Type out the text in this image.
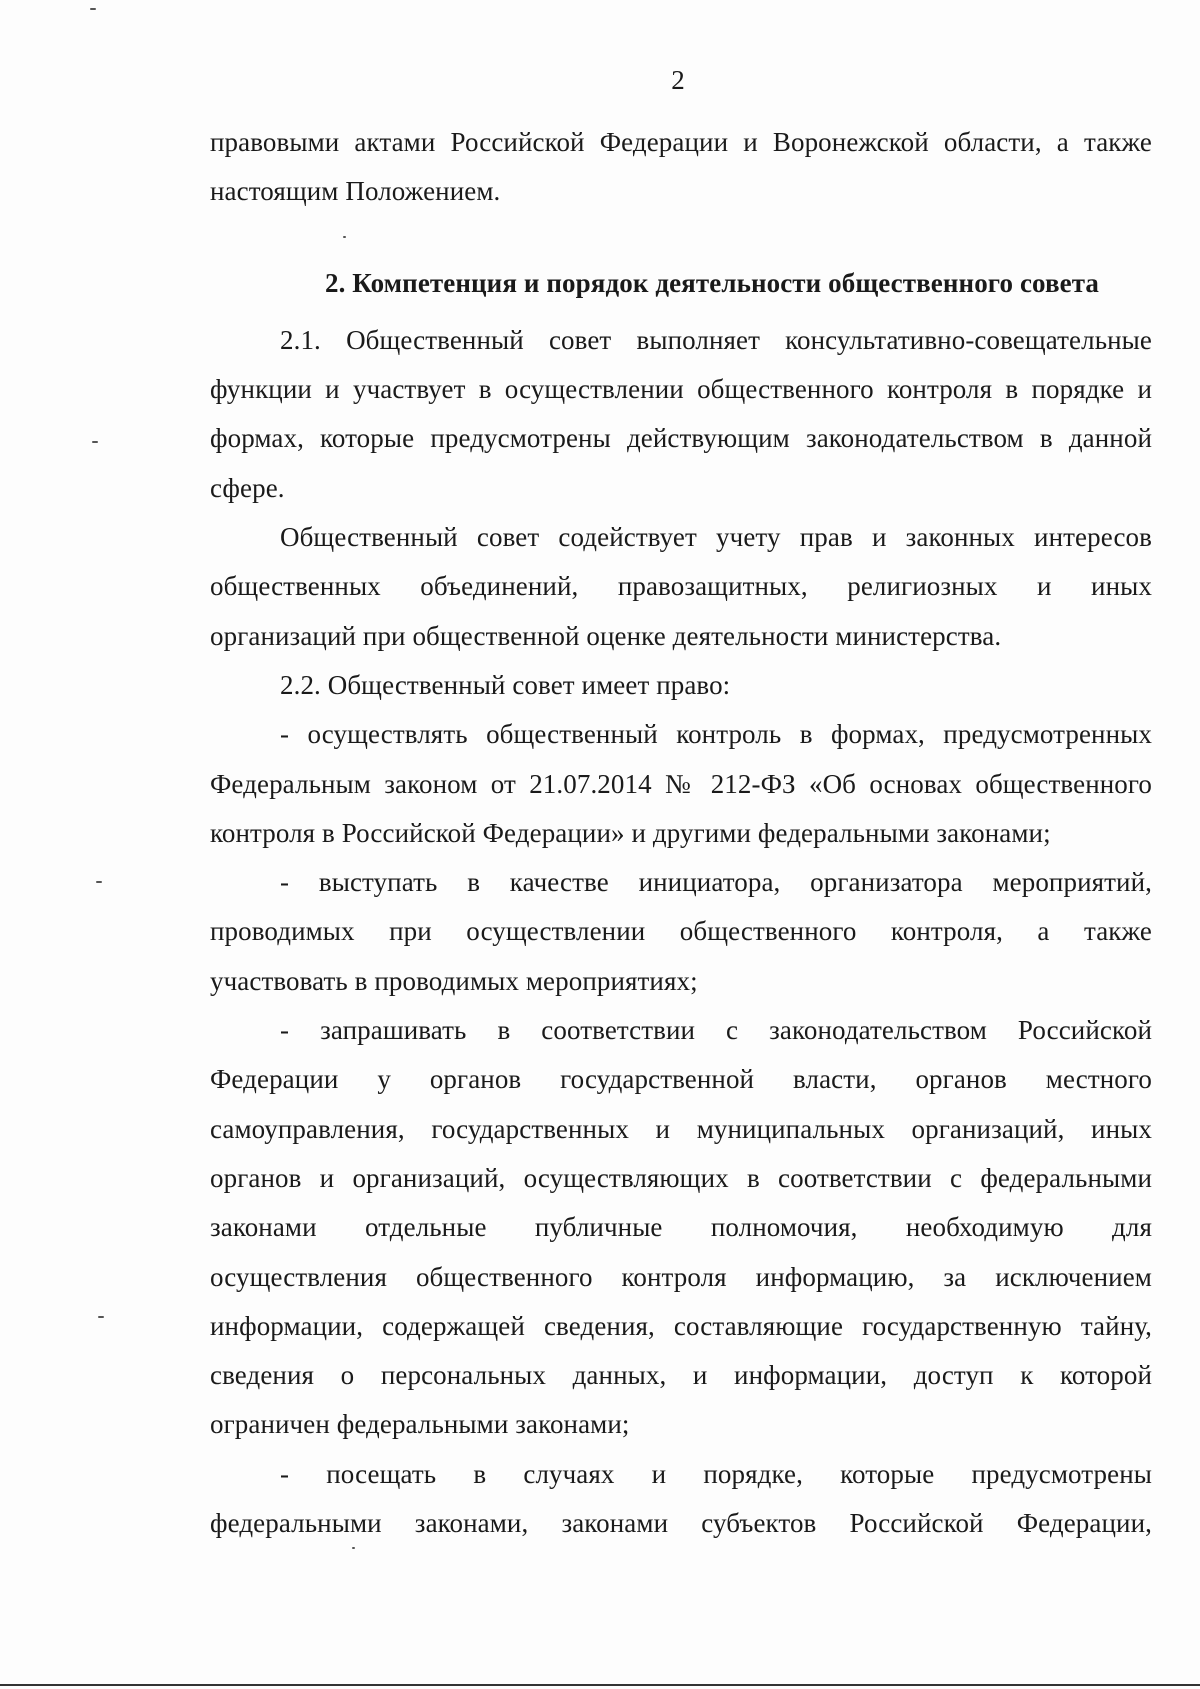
2

правовыми актами Российской Федерации и Воронежской области, а также

настоящим Положением.

2. Компетенция и порядок деятельности общественного совета

2.1. Общественный совет выполняет консультативно-совещательные

функции и участвует в осуществлении общественного контроля в порядке и

формах, которые предусмотрены действующим законодательством в данной

сфере.

Общественный совет содействует учету прав и законных интересов

общественных объединений, правозащитных, религиозных и иных

организаций при общественной оценке деятельности министерства.

2.2. Общественный совет имеет право:

- осуществлять общественный контроль в формах, предусмотренных

Федеральным законом от 21.07.2014 № 212-ФЗ «Об основах общественного

контроля в Российской Федерации» и другими федеральными законами;

- выступать в качестве инициатора, организатора мероприятий,

проводимых при осуществлении общественного контроля, а также

участвовать в проводимых мероприятиях;

- запрашивать в соответствии с законодательством Российской

Федерации у органов государственной власти, органов местного

самоуправления, государственных и муниципальных организаций, иных

органов и организаций, осуществляющих в соответствии с федеральными

законами отдельные публичные полномочия, необходимую для

осуществления общественного контроля информацию, за исключением

информации, содержащей сведения, составляющие государственную тайну,

сведения о персональных данных, и информации, доступ к которой

ограничен федеральными законами;

- посещать в случаях и порядке, которые предусмотрены

федеральными законами, законами субъектов Российской Федерации,
